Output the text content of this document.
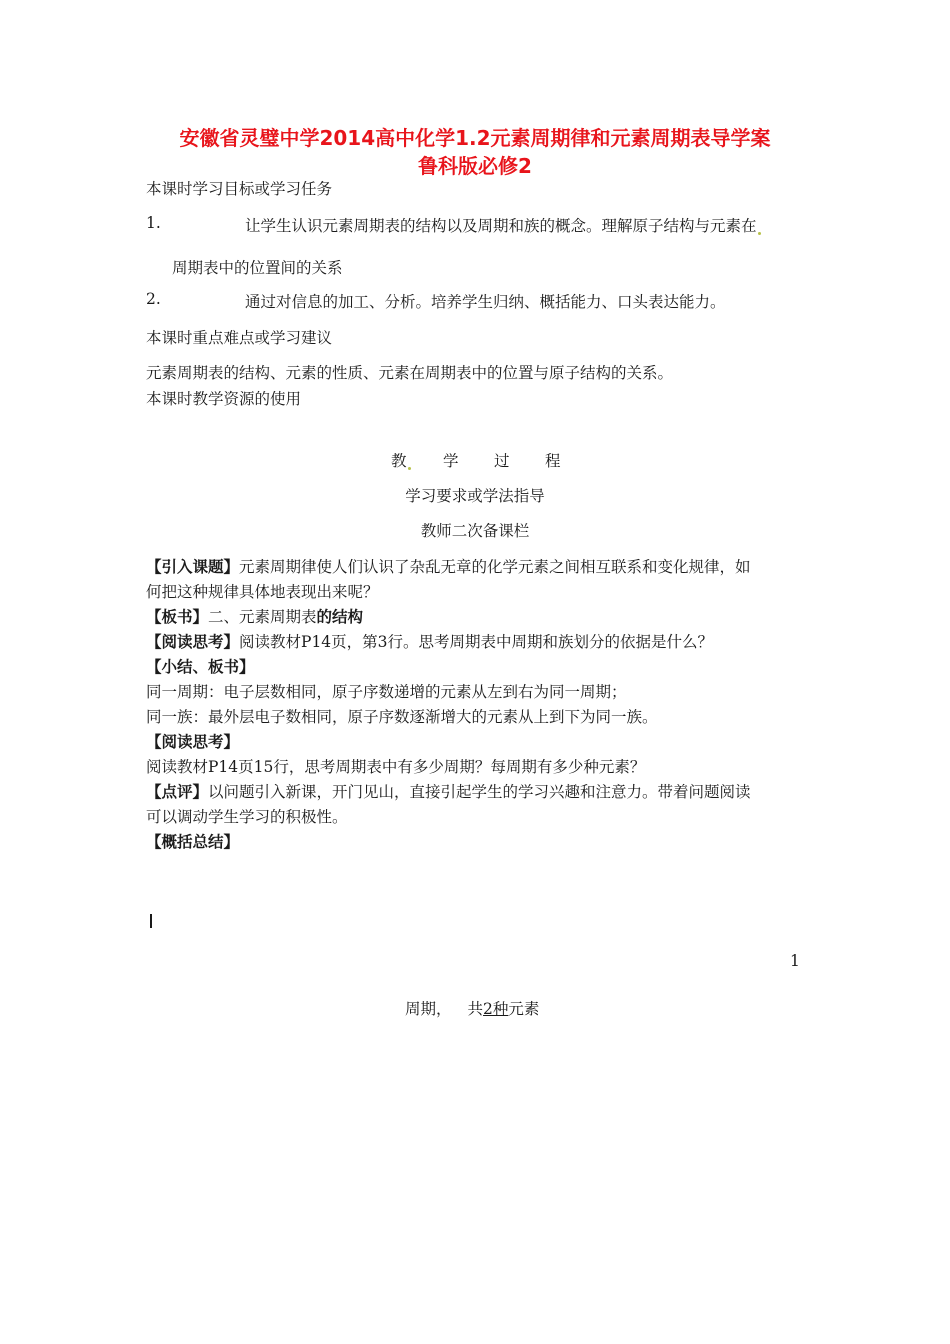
安徽省灵璧中学2014高中化学1.2元素周期律和元素周期表导学案
鲁科版必修2
本课时学习目标或学习任务
1.	让学生认识元素周期表的结构以及周期和族的概念。理解原子结构与元素在
周期表中的位置间的关系
2.	通过对信息的加工、分析。培养学生归纳、概括能力、口头表达能力。
本课时重点难点或学习建议
元素周期表的结构、元素的性质、元素在周期表中的位置与原子结构的关系。
本课时教学资源的使用
教 学 过 程
学习要求或学法指导
教师二次备课栏
【引入课题】元素周期律使人们认识了杂乱无章的化学元素之间相互联系和变化规律，如
何把这种规律具体地表现出来呢？
【板书】二、元素周期表的结构
【阅读思考】阅读教材P14页，第3行。思考周期表中周期和族划分的依据是什么？
【小结、板书】
同一周期：电子层数相同，原子序数递增的元素从左到右为同一周期；
同一族：最外层电子数相同，原子序数逐渐增大的元素从上到下为同一族。
【阅读思考】
阅读教材P14页15行，思考周期表中有多少周期？每周期有多少种元素？
【点评】以问题引入新课，开门见山，直接引起学生的学习兴趣和注意力。带着问题阅读
可以调动学生学习的积极性。
【概括总结】
1
周期， 共2种元素
